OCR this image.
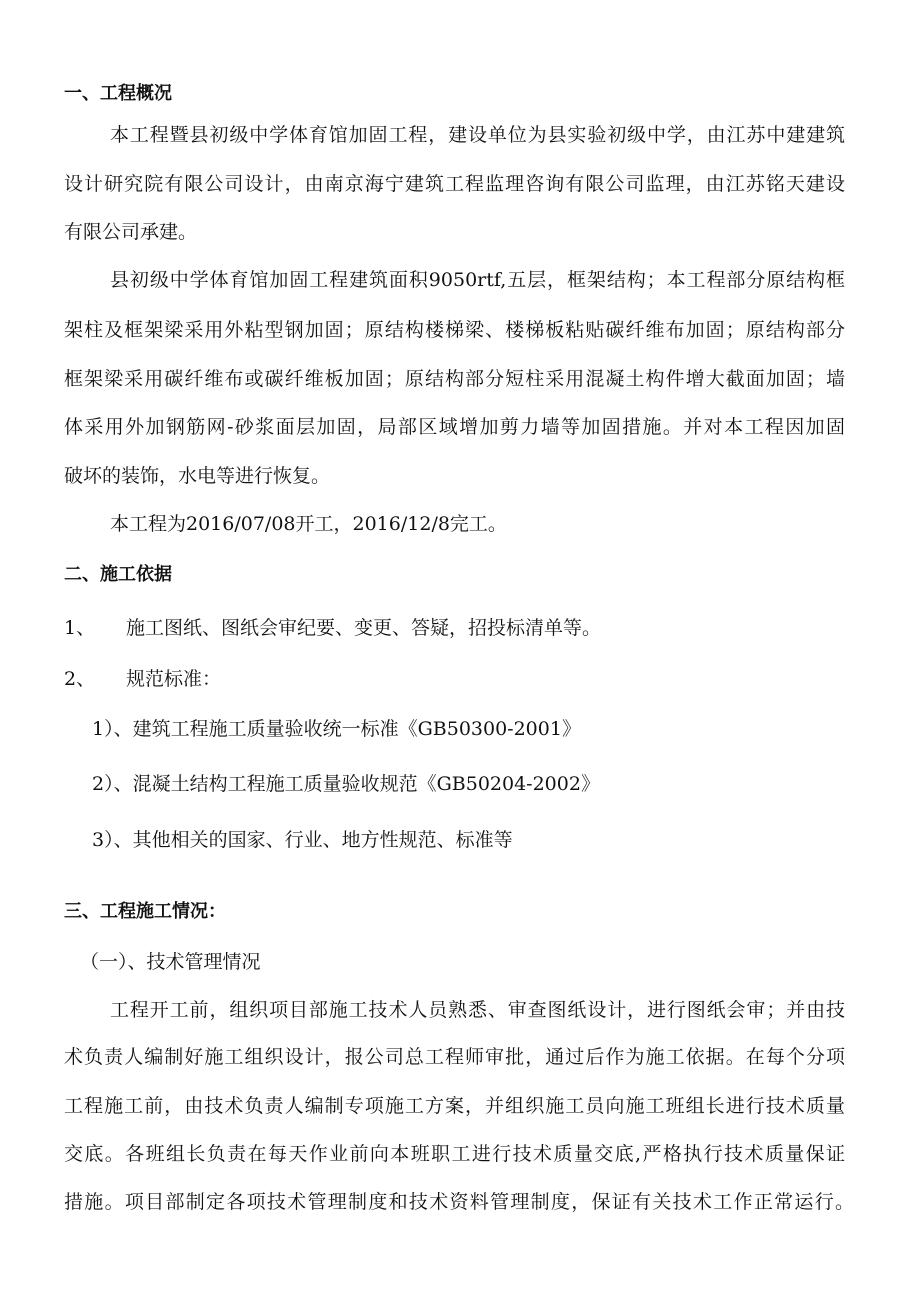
一、工程概况
本工程暨县初级中学体育馆加固工程，建设单位为县实验初级中学，由江苏中建建筑
设计研究院有限公司设计，由南京海宁建筑工程监理咨询有限公司监理，由江苏铭天建设
有限公司承建。
县初级中学体育馆加固工程建筑面积9050rtf,五层，框架结构；本工程部分原结构框
架柱及框架梁采用外粘型钢加固；原结构楼梯梁、楼梯板粘贴碳纤维布加固；原结构部分
框架梁采用碳纤维布或碳纤维板加固；原结构部分短柱采用混凝土构件增大截面加固；墙
体采用外加钢筋网-砂浆面层加固，局部区域增加剪力墙等加固措施。并对本工程因加固
破坏的装饰，水电等进行恢复。
本工程为2016/07/08开工，2016/12/8完工。
二、施工依据
1、 施工图纸、图纸会审纪要、变更、答疑，招投标清单等。
2、 规范标准：
1）、建筑工程施工质量验收统一标准《GB50300-2001》
2）、混凝土结构工程施工质量验收规范《GB50204-2002》
3）、其他相关的国家、行业、地方性规范、标准等
三、工程施工情况：
（一）、技术管理情况
工程开工前，组织项目部施工技术人员熟悉、审查图纸设计，进行图纸会审；并由技
术负责人编制好施工组织设计，报公司总工程师审批，通过后作为施工依据。在每个分项
工程施工前，由技术负责人编制专项施工方案，并组织施工员向施工班组长进行技术质量
交底。各班组长负责在每天作业前向本班职工进行技术质量交底,严格执行技术质量保证
措施。项目部制定各项技术管理制度和技术资料管理制度，保证有关技术工作正常运行。
